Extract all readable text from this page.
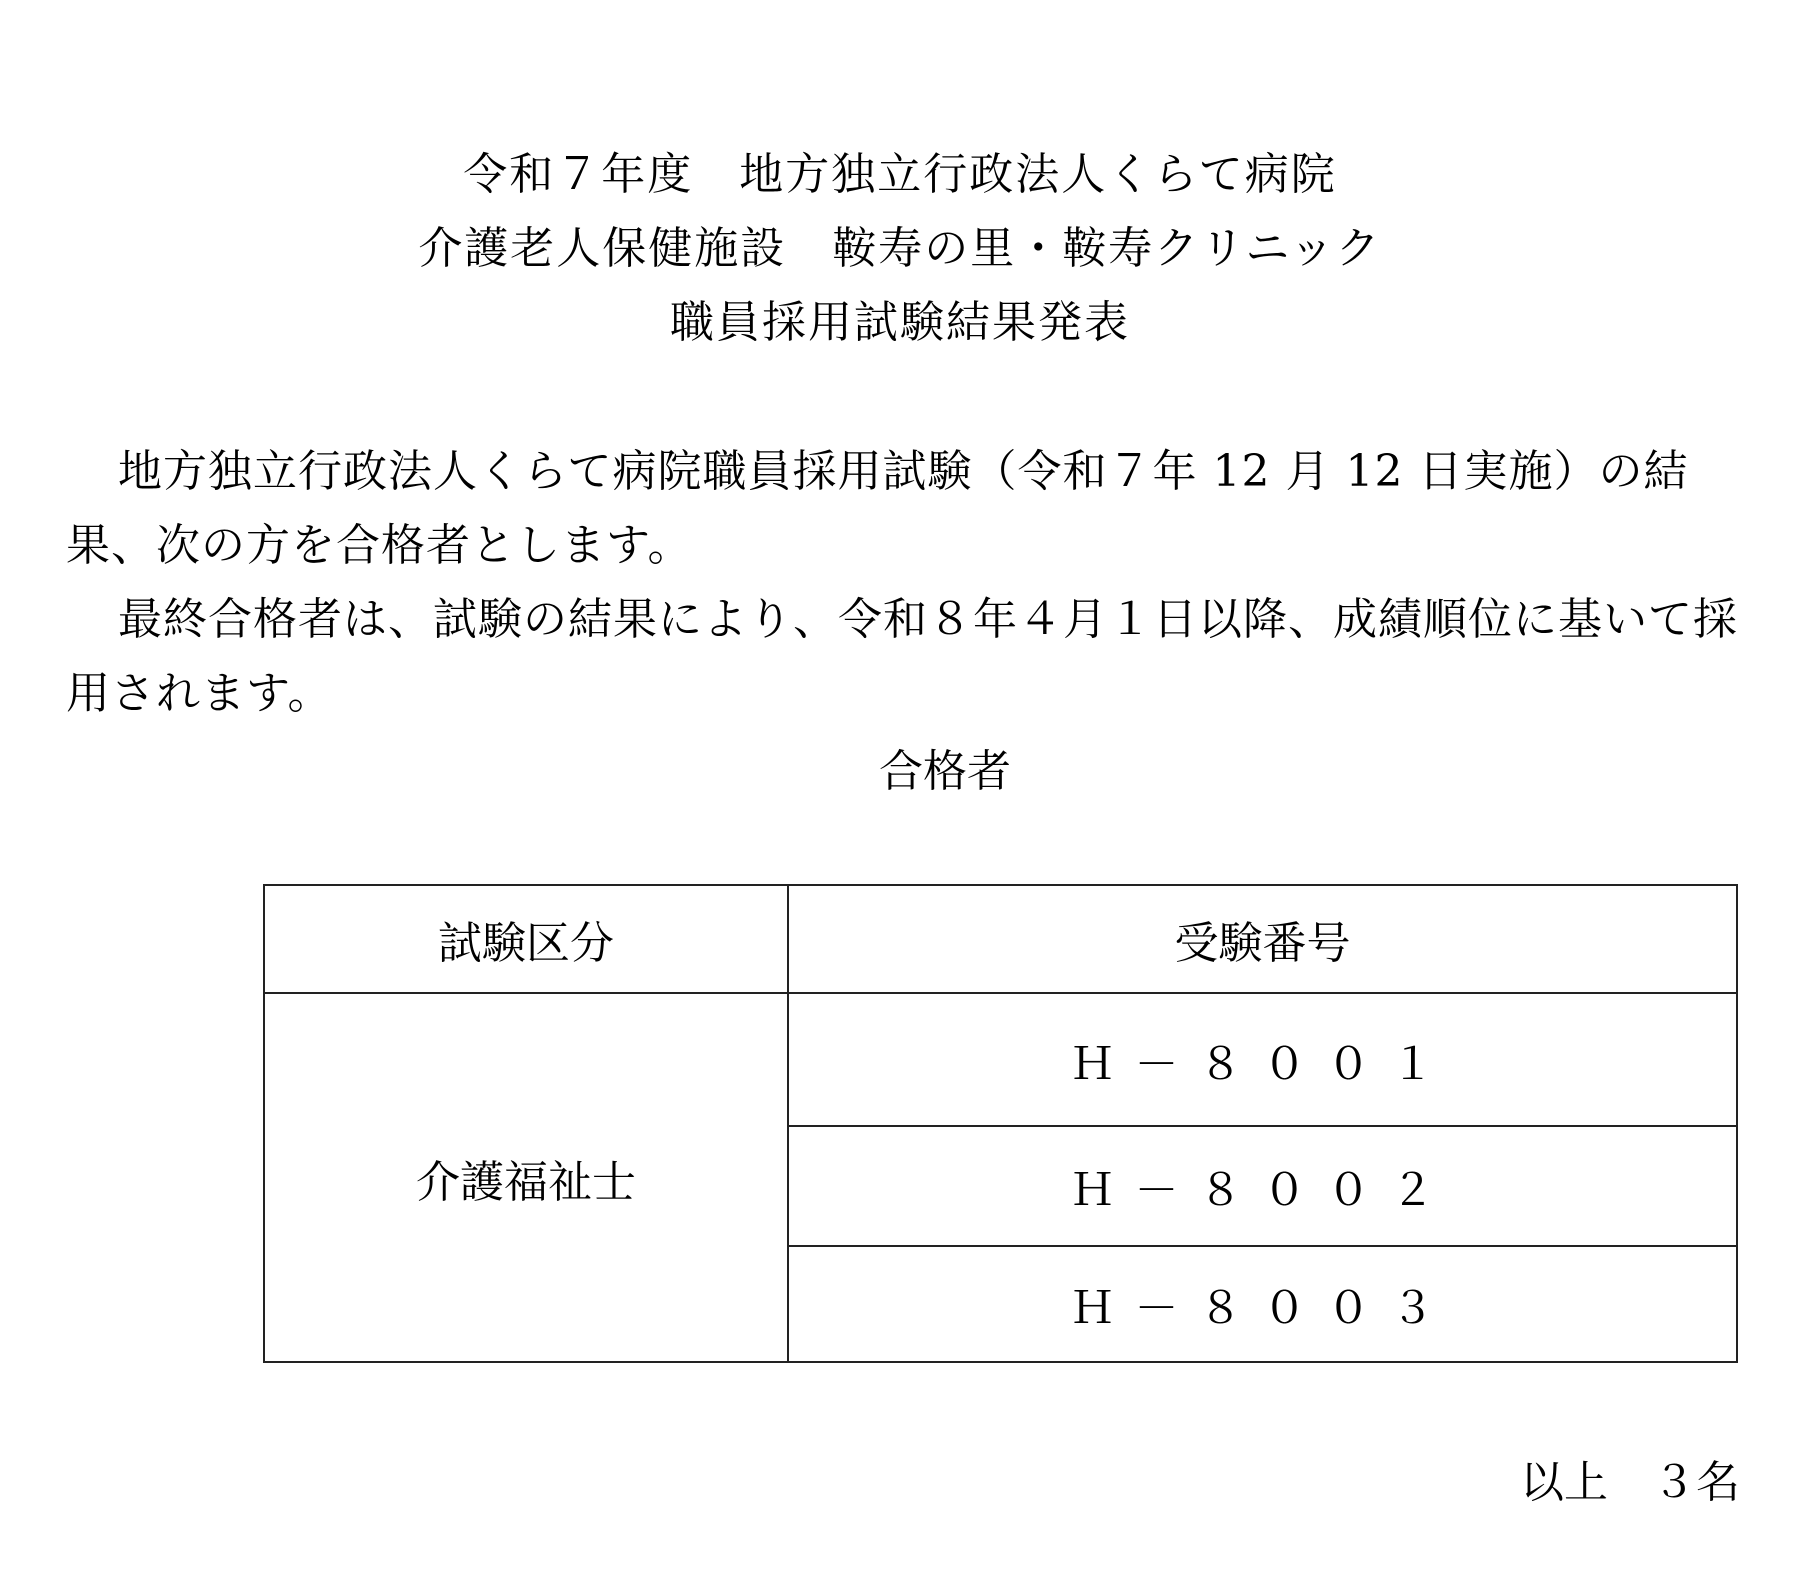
令和７年度　地方独立行政法人くらて病院
介護老人保健施設　鞍寿の里・鞍寿クリニック
職員採用試験結果発表

地方独立行政法人くらて病院職員採用試験（令和７年 12 月 12 日実施）の結果、次の方を合格者とします。

最終合格者は、試験の結果により、令和８年４月１日以降、成績順位に基いて採用されます。

合格者
試験区分	受験番号
介護福祉士	Ｈ－８００１
	Ｈ－８００２
	Ｈ－８００３
以上　３名
